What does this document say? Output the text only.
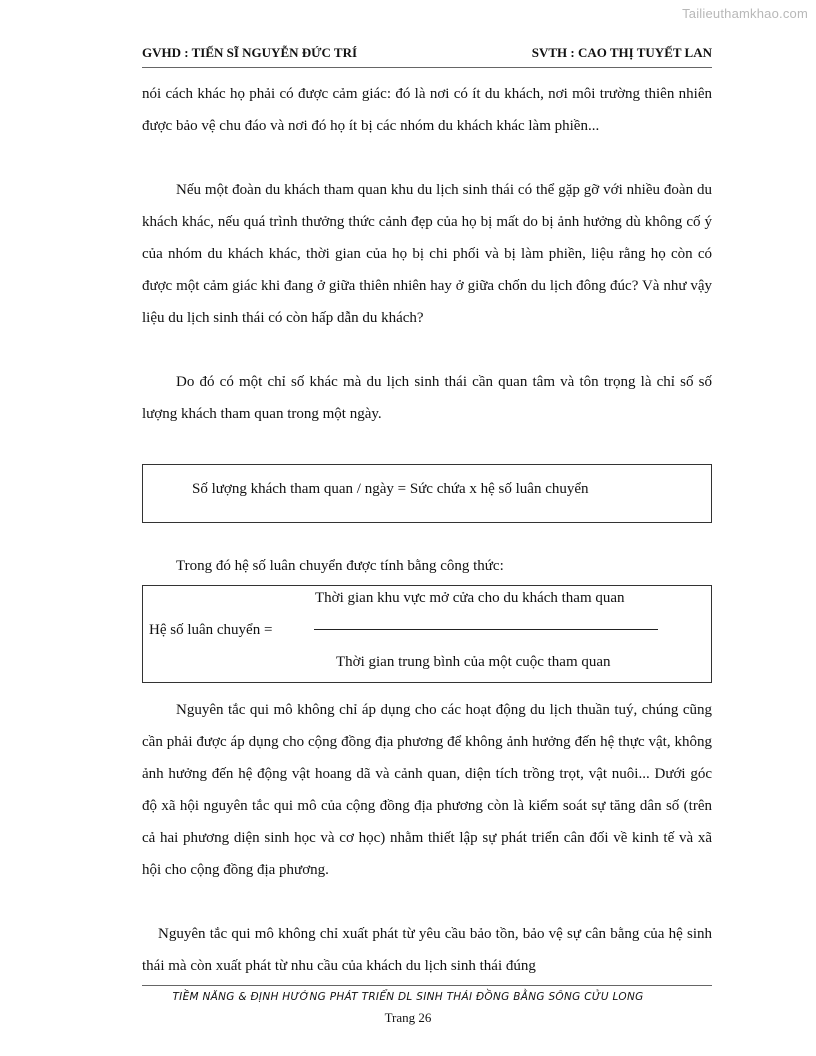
Tailieuthamkhao.com
GVHD : TIẾN SĨ NGUYỄN ĐỨC TRÍ	SVTH : CAO THỊ TUYẾT LAN

nói cách khác họ phải có được cảm giác: đó là nơi có ít du khách, nơi môi trường thiên nhiên được bảo vệ chu đáo và nơi đó họ ít bị các nhóm du khách khác làm phiền...

Nếu một đoàn du khách tham quan khu du lịch sinh thái có thể gặp gỡ với nhiều đoàn du khách khác, nếu quá trình thưởng thức cảnh đẹp của họ bị mất do bị ảnh hưởng dù không cố ý của nhóm du khách khác, thời gian của họ bị chi phối và bị làm phiền, liệu rằng họ còn có được một cảm giác khi đang ở giữa thiên nhiên hay ở giữa chốn du lịch đông đúc? Và như vậy liệu du lịch sinh thái có còn hấp dẫn du khách?

Do đó có một chỉ số khác mà du lịch sinh thái cần quan tâm và tôn trọng là chỉ số số lượng khách tham quan trong một ngày.

Số lượng khách tham quan / ngày = Sức chứa x hệ số luân chuyển

Trong đó hệ số luân chuyển được tính bằng công thức:

Hệ số luân chuyển =
Thời gian khu vực mở cửa cho du khách tham quan
Thời gian trung bình của một cuộc tham quan

Nguyên tắc qui mô không chỉ áp dụng cho các hoạt động du lịch thuần tuý, chúng cũng cần phải được áp dụng cho cộng đồng địa phương để không ảnh hưởng đến hệ thực vật, không ảnh hưởng đến hệ động vật hoang dã và cảnh quan, diện tích trồng trọt, vật nuôi... Dưới góc độ xã hội nguyên tắc qui mô của cộng đồng địa phương còn là kiểm soát sự tăng dân số (trên cả hai phương diện sinh học và cơ học) nhằm thiết lập sự phát triển cân đối về kinh tế và xã hội cho cộng đồng địa phương.

Nguyên tắc qui mô không chỉ xuất phát từ yêu cầu bảo tồn, bảo vệ sự cân bằng của hệ sinh thái mà còn xuất phát từ nhu cầu của khách du lịch sinh thái đúng

TIỀM NĂNG & ĐỊNH HƯỚNG PHÁT TRIỂN DL SINH THÁI ĐỒNG BẰNG SÔNG CỬU LONG
Trang 26
